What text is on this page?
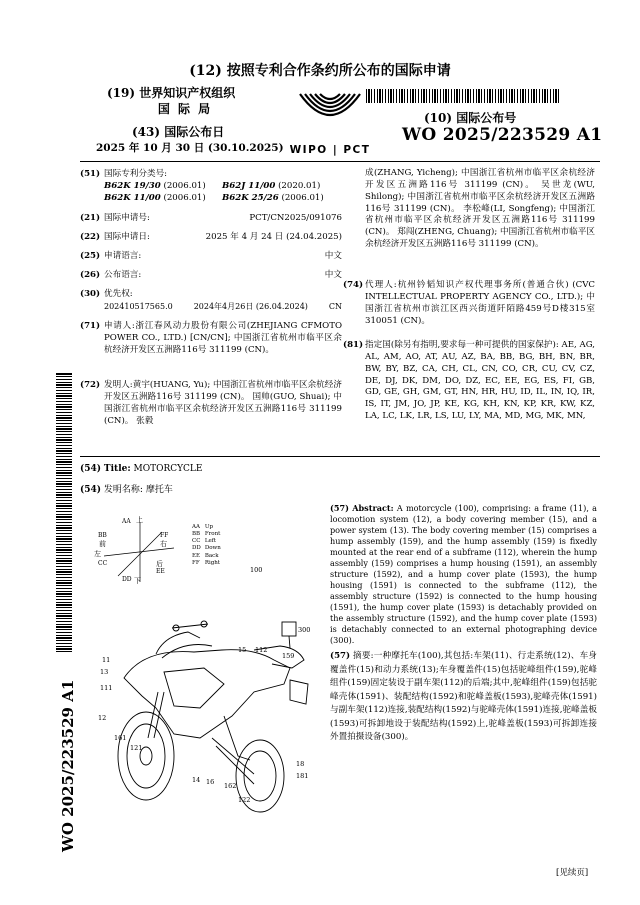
(12) 按照专利合作条约所公布的国际申请
(19) 世界知识产权组织
国 际 局
(43) 国际公布日
2025 年 10 月 30 日 (30.10.2025) WIPO | PCT
(10) 国际公布号
WO 2025/223529 A1
(51) 国际专利分类号:
B62K 19/30 (2006.01)	B62J 11/00 (2020.01)
B62K 11/00 (2006.01)	B62K 25/26 (2006.01)
(21) 国际申请号:	PCT/CN2025/091076
(22) 国际申请日:	2025 年 4 月 24 日 (24.04.2025)
(25) 申请语言:	中文
(26) 公布语言:	中文
(30) 优先权:
202410517565.0	2024年4月26日 (26.04.2024)	CN
(71) 申请人:浙江春风动力股份有限公司(ZHEJIANG CFMOTO POWER CO., LTD.) [CN/CN]; 中国浙江省杭州市临平区余杭经济开发区五洲路116号 311199 (CN)。
(72) 发明人:黄宇(HUANG, Yu); 中国浙江省杭州市临平区余杭经济开发区五洲路116号 311199 (CN)。 国帅(GUO, Shuai); 中国浙江省杭州市临平区余杭经济开发区五洲路116号 311199 (CN)。 张毅
成(ZHANG, Yicheng); 中国浙江省杭州市临平区余杭经济开发区五洲路116号 311199 (CN)。 吴世龙(WU, Shilong); 中国浙江省杭州市临平区余杭经济开发区五洲路116号 311199 (CN)。 李松峰(LI, Songfeng); 中国浙江省杭州市临平区余杭经济开发区五洲路116号 311199 (CN)。 郑闯(ZHENG, Chuang); 中国浙江省杭州市临平区余杭经济开发区五洲路116号 311199 (CN)。
(74) 代理人:杭州钤韬知识产权代理事务所(普通合伙) (CVC INTELLECTUAL PROPERTY AGENCY CO., LTD.); 中国浙江省杭州市滨江区西兴街道阡陌路459号D楼315室 310051 (CN)。
(81) 指定国(除另有指明,要求每一种可提供的国家保护): AE, AG, AL, AM, AO, AT, AU, AZ, BA, BB, BG, BH, BN, BR, BW, BY, BZ, CA, CH, CL, CN, CO, CR, CU, CV, CZ, DE, DJ, DK, DM, DO, DZ, EC, EE, EG, ES, FI, GB, GD, GE, GH, GM, GT, HN, HR, HU, ID, IL, IN, IQ, IR, IS, IT, JM, JO, JP, KE, KG, KH, KN, KP, KR, KW, KZ, LA, LC, LK, LR, LS, LU, LY, MA, MD, MG, MK, MN,
(54) Title: MOTORCYCLE
(54) 发明名称: 摩托车
AA 上
BB
前
FF
右
左
CC	后
EE
DD 下
AA	Up
BB	Front
CC	Left
DD	Down
EE	Back
FF	Right
100
300
15 112
159
11
13
111
12
161
121
14 16 162
122
18
181
(57) Abstract: A motorcycle (100), comprising: a frame (11), a locomotion system (12), a body covering member (15), and a power system (13). The body covering member (15) comprises a hump assembly (159), and the hump assembly (159) is fixedly mounted at the rear end of a subframe (112), wherein the hump assembly (159) comprises a hump housing (1591), an assembly structure (1592), and a hump cover plate (1593), the hump housing (1591) is connected to the subframe (112), the assembly structure (1592) is connected to the hump housing (1591), the hump cover plate (1593) is detachably provided on the assembly structure (1592), and the hump cover plate (1593) is detachably connected to an external photographing device (300).
(57) 摘要:一种摩托车(100),其包括:车架(11)、行走系统(12)、车身覆盖件(15)和动力系统(13);车身覆盖件(15)包括驼峰组件(159),驼峰组件(159)固定装设于副车架(112)的后端;其中,驼峰组件(159)包括驼峰壳体(1591)、装配结构(1592)和驼峰盖板(1593),驼峰壳体(1591)与副车架(112)连接,装配结构(1592)与驼峰壳体(1591)连接,驼峰盖板(1593)可拆卸地设于装配结构(1592)上,驼峰盖板(1593)可拆卸连接外置拍摄设备(300)。
WO 2025/223529 A1
[见续页]
